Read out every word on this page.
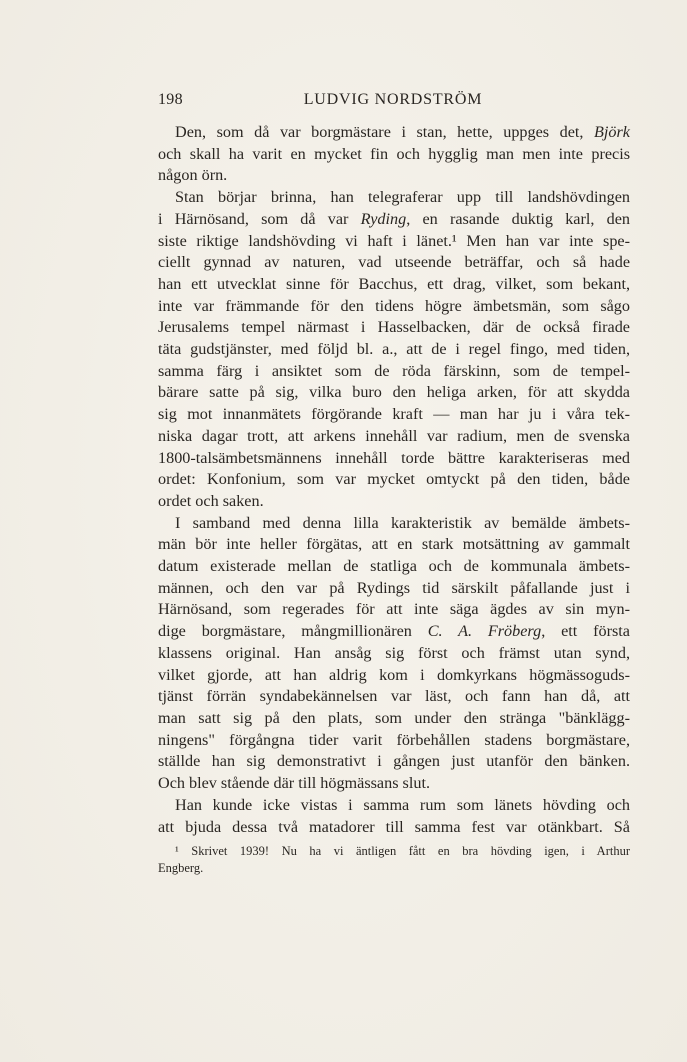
198	LUDVIG NORDSTRÖM

Den, som då var borgmästare i stan, hette, uppges det, Björk
och skall ha varit en mycket fin och hygglig man men inte precis
någon örn.

Stan börjar brinna, han telegraferar upp till landshövdingen
i Härnösand, som då var Ryding, en rasande duktig karl, den
siste riktige landshövding vi haft i länet.¹ Men han var inte spe-
ciellt gynnad av naturen, vad utseende beträffar, och så hade
han ett utvecklat sinne för Bacchus, ett drag, vilket, som bekant,
inte var främmande för den tidens högre ämbetsmän, som sågo
Jerusalems tempel närmast i Hasselbacken, där de också firade
täta gudstjänster, med följd bl. a., att de i regel fingo, med tiden,
samma färg i ansiktet som de röda färskinn, som de tempel-
bärare satte på sig, vilka buro den heliga arken, för att skydda
sig mot innanmätets förgörande kraft — man har ju i våra tek-
niska dagar trott, att arkens innehåll var radium, men de svenska
1800-talsämbetsmännens innehåll torde bättre karakteriseras med
ordet: Konfonium, som var mycket omtyckt på den tiden, både
ordet och saken.

I samband med denna lilla karakteristik av bemälde ämbets-
män bör inte heller förgätas, att en stark motsättning av gammalt
datum existerade mellan de statliga och de kommunala ämbets-
männen, och den var på Rydings tid särskilt påfallande just i
Härnösand, som regerades för att inte säga ägdes av sin myn-
dige borgmästare, mångmillionären C. A. Fröberg, ett första
klassens original. Han ansåg sig först och främst utan synd,
vilket gjorde, att han aldrig kom i domkyrkans högmässoguds-
tjänst förrän syndabekännelsen var läst, och fann han då, att
man satt sig på den plats, som under den stränga "bänklägg-
ningens" förgångna tider varit förbehållen stadens borgmästare,
ställde han sig demonstrativt i gången just utanför den bänken.
Och blev stående där till högmässans slut.

Han kunde icke vistas i samma rum som länets hövding och
att bjuda dessa två matadorer till samma fest var otänkbart. Så

¹ Skrivet 1939! Nu ha vi äntligen fått en bra hövding igen, i Arthur
Engberg.
